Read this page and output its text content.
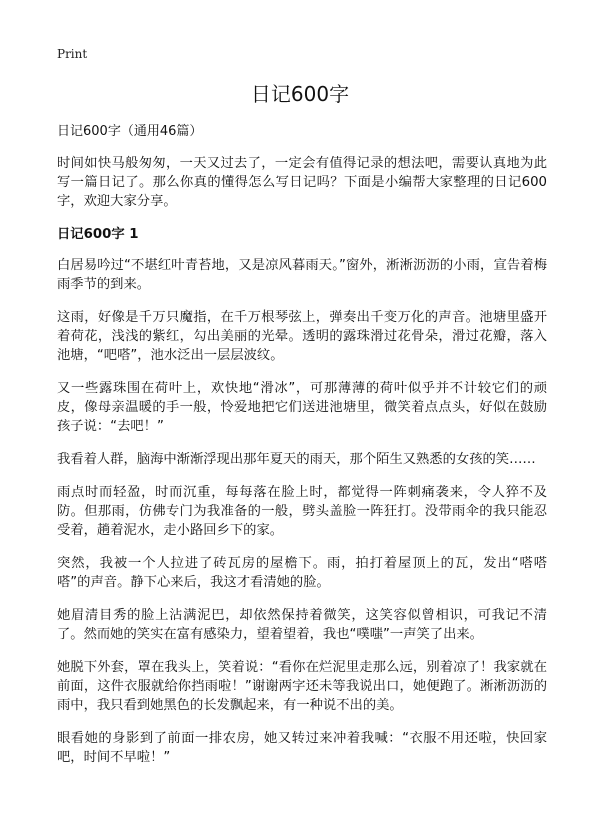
Print
日记600字

日记600字（通用46篇）

时间如快马般匆匆，一天又过去了，一定会有值得记录的想法吧，需要认真地为此写一篇日记了。那么你真的懂得怎么写日记吗？下面是小编帮大家整理的日记600字，欢迎大家分享。

日记600字 1

白居易吟过“不堪红叶青苔地，又是凉风暮雨天。”窗外，淅淅沥沥的小雨，宣告着梅雨季节的到来。

这雨，好像是千万只魔指，在千万根琴弦上，弹奏出千变万化的声音。池塘里盛开着荷花，浅浅的紫红，勾出美丽的光晕。透明的露珠滑过花骨朵，滑过花瓣，落入池塘，“吧嗒”，池水泛出一层层波纹。

又一些露珠围在荷叶上，欢快地“滑冰”，可那薄薄的荷叶似乎并不计较它们的顽皮，像母亲温暖的手一般，怜爱地把它们送进池塘里，微笑着点点头，好似在鼓励孩子说：“去吧！”

我看着人群，脑海中渐渐浮现出那年夏天的雨天，那个陌生又熟悉的女孩的笑……

雨点时而轻盈，时而沉重，每每落在脸上时，都觉得一阵刺痛袭来，令人猝不及防。但那雨，仿佛专门为我准备的一般，劈头盖脸一阵狂打。没带雨伞的我只能忍受着，趟着泥水，走小路回乡下的家。

突然，我被一个人拉进了砖瓦房的屋檐下。雨，拍打着屋顶上的瓦，发出“嗒嗒嗒”的声音。静下心来后，我这才看清她的脸。

她眉清目秀的脸上沾满泥巴，却依然保持着微笑，这笑容似曾相识，可我记不清了。然而她的笑实在富有感染力，望着望着，我也“噗嗤”一声笑了出来。

她脱下外套，罩在我头上，笑着说：“看你在烂泥里走那么远，别着凉了！我家就在前面，这件衣服就给你挡雨啦！”谢谢两字还未等我说出口，她便跑了。淅淅沥沥的雨中，我只看到她黑色的长发飘起来，有一种说不出的美。

眼看她的身影到了前面一排农房，她又转过来冲着我喊：“衣服不用还啦，快回家吧，时间不早啦！”
